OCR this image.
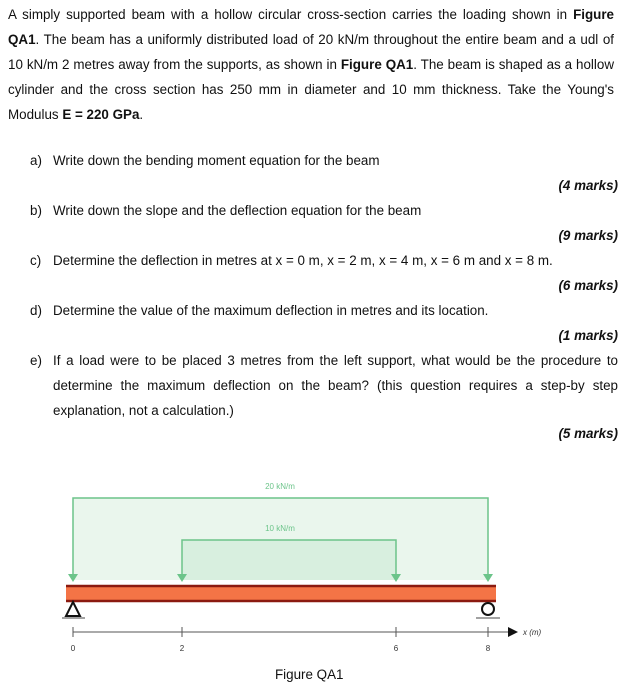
A simply supported beam with a hollow circular cross-section carries the loading shown in Figure QA1. The beam has a uniformly distributed load of 20 kN/m throughout the entire beam and a udl of 10 kN/m 2 metres away from the supports, as shown in Figure QA1. The beam is shaped as a hollow cylinder and the cross section has 250 mm in diameter and 10 mm thickness. Take the Young's Modulus E = 220 GPa.
a) Write down the bending moment equation for the beam
(4 marks)
b) Write down the slope and the deflection equation for the beam
(9 marks)
c) Determine the deflection in metres at x = 0 m, x = 2 m, x = 4 m, x = 6 m and x = 8 m.
(6 marks)
d) Determine the value of the maximum deflection in metres and its location.
(1 marks)
e) If a load were to be placed 3 metres from the left support, what would be the procedure to determine the maximum deflection on the beam? (this question requires a step-by step explanation, not a calculation.)
(5 marks)
20 kN/m
10 kN/m
0	2	6	8
x (m)
Figure QA1
